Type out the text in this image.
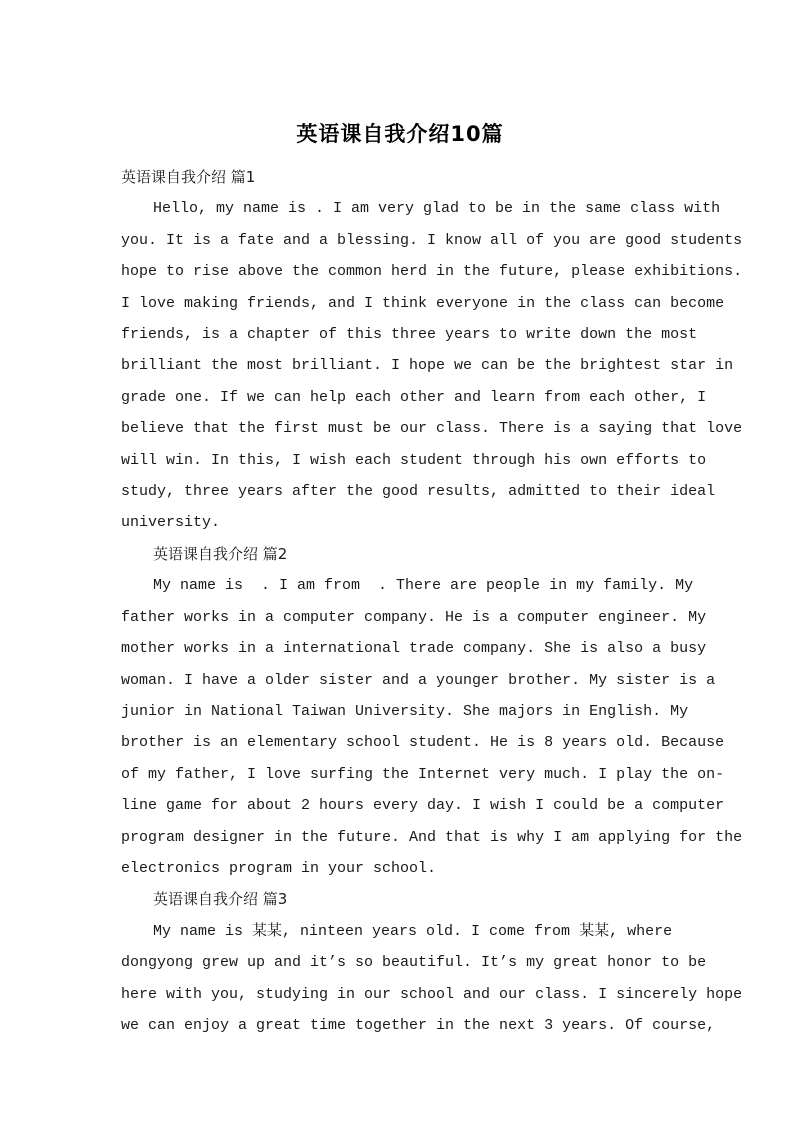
英语课自我介绍10篇
英语课自我介绍 篇1
Hello, my name is . I am very glad to be in the same class with
you. It is a fate and a blessing. I know all of you are good students
hope to rise above the common herd in the future, please exhibitions.
I love making friends, and I think everyone in the class can become
friends, is a chapter of this three years to write down the most
brilliant the most brilliant. I hope we can be the brightest star in
grade one. If we can help each other and learn from each other, I
believe that the first must be our class. There is a saying that love
will win. In this, I wish each student through his own efforts to
study, three years after the good results, admitted to their ideal
university.
英语课自我介绍 篇2
My name is  . I am from  . There are people in my family. My
father works in a computer company. He is a computer engineer. My
mother works in a international trade company. She is also a busy
woman. I have a older sister and a younger brother. My sister is a
junior in National Taiwan University. She majors in English. My
brother is an elementary school student. He is 8 years old. Because
of my father, I love surfing the Internet very much. I play the on-
line game for about 2 hours every day. I wish I could be a computer
program designer in the future. And that is why I am applying for the
electronics program in your school.
英语课自我介绍 篇3
My name is 某某, ninteen years old. I come from 某某, where
dongyong grew up and it’s so beautiful. It’s my great honor to be
here with you, studying in our school and our class. I sincerely hope
we can enjoy a great time together in the next 3 years. Of course,
